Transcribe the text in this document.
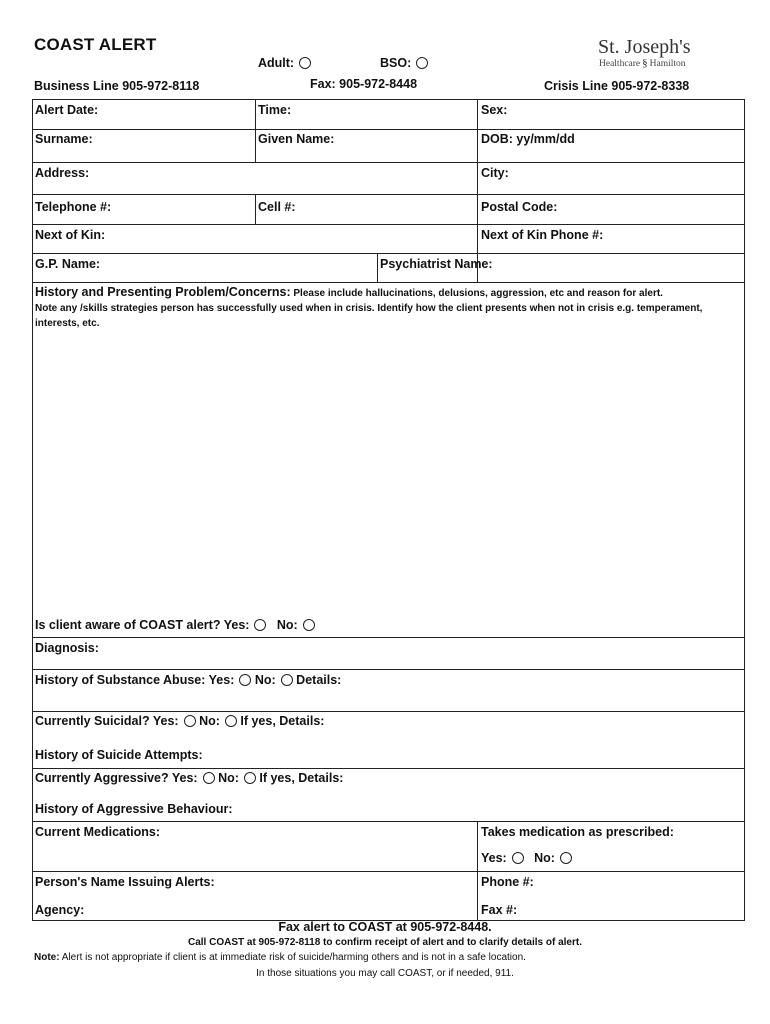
COAST ALERT
Adult:	BSO:
Business Line 905-972-8118	Fax: 905-972-8448	Crisis Line 905-972-8338
St. Joseph's
Healthcare § Hamilton
Alert Date:	Time:	Sex:
Surname:	Given Name:	DOB: yy/mm/dd
Address:	City:
Telephone #:	Cell #:	Postal Code:
Next of Kin:	Next of Kin Phone #:
G.P. Name:	Psychiatrist Name:
History and Presenting Problem/Concerns: Please include hallucinations, delusions, aggression, etc and reason for alert.
Note any /skills strategies person has successfully used when in crisis. Identify how the client presents when not in crisis e.g. temperament, interests, etc.
Is client aware of COAST alert? Yes: No:
Diagnosis:
History of Substance Abuse: Yes: No: Details:
Currently Suicidal? Yes: No: If yes, Details:
History of Suicide Attempts:
Currently Aggressive? Yes: No: If yes, Details:
History of Aggressive Behaviour:
Current Medications:	Takes medication as prescribed:
Yes: No:
Person's Name Issuing Alerts:	Phone #:
Agency:	Fax #:
Fax alert to COAST at 905-972-8448.
Call COAST at 905-972-8118 to confirm receipt of alert and to clarify details of alert.
Note: Alert is not appropriate if client is at immediate risk of suicide/harming others and is not in a safe location.
In those situations you may call COAST, or if needed, 911.
